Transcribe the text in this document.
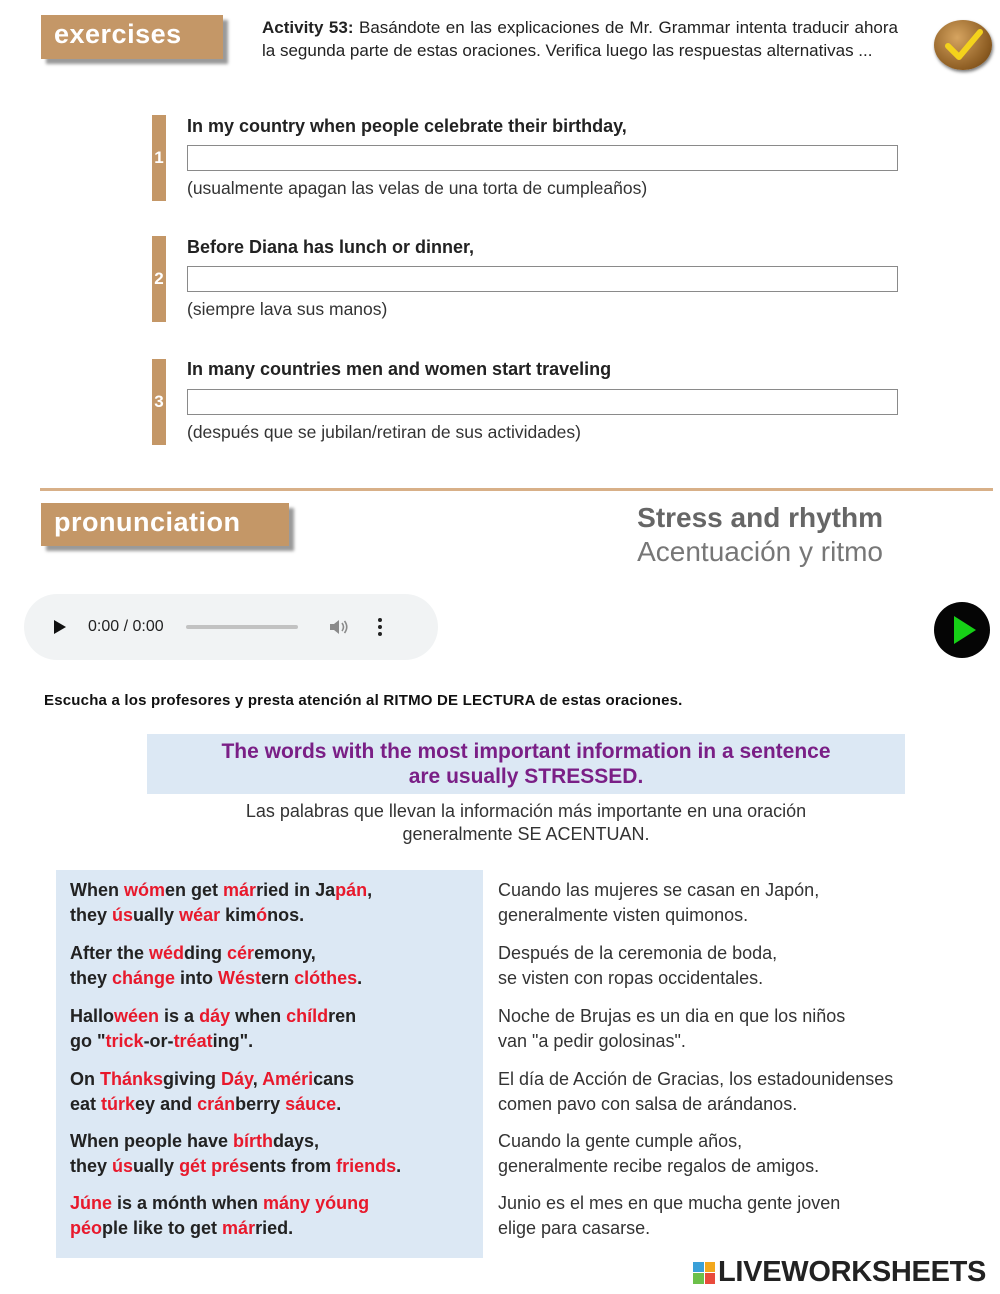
exercises	Activity 53: Basándote en las explicaciones de Mr. Grammar intenta traducir ahora la segunda parte de estas oraciones. Verifica luego las respuestas alternativas ...
1
In my country when people celebrate their birthday,
(usualmente apagan las velas de una torta de cumpleaños)
2
Before Diana has lunch or dinner,
(siempre lava sus manos)
3
In many countries men and women start traveling
(después que se jubilan/retiran de sus actividades)
pronunciation	Stress and rhythm
Acentuación y ritmo
0:00 / 0:00
Escucha a los profesores y presta atención al RITMO DE LECTURA de estas oraciones.
The words with the most important information in a sentence
are usually STRESSED.
Las palabras que llevan la información más importante en una oración
generalmente SE ACENTUAN.
When wómen get márried in Japán,
they úsually wéar kimónos.
Cuando las mujeres se casan en Japón,
generalmente visten quimonos.
After the wédding céremony,
they chánge into Wéstern clóthes.
Después de la ceremonia de boda,
se visten con ropas occidentales.
Hallowéen is a dáy when chíldren
go "trick-or-tréating".
Noche de Brujas es un dia en que los niños
van "a pedir golosinas".
On Thánksgiving Dáy, Américans
eat túrkey and cránberry sáuce.
El día de Acción de Gracias, los estadounidenses
comen pavo con salsa de arándanos.
When people have bírthdays,
they úsually gét présents from friends.
Cuando la gente cumple años,
generalmente recibe regalos de amigos.
Júne is a mónth when mány yóung
péople like to get márried.
Junio es el mes en que mucha gente joven
elige para casarse.
LIVEWORKSHEETS
